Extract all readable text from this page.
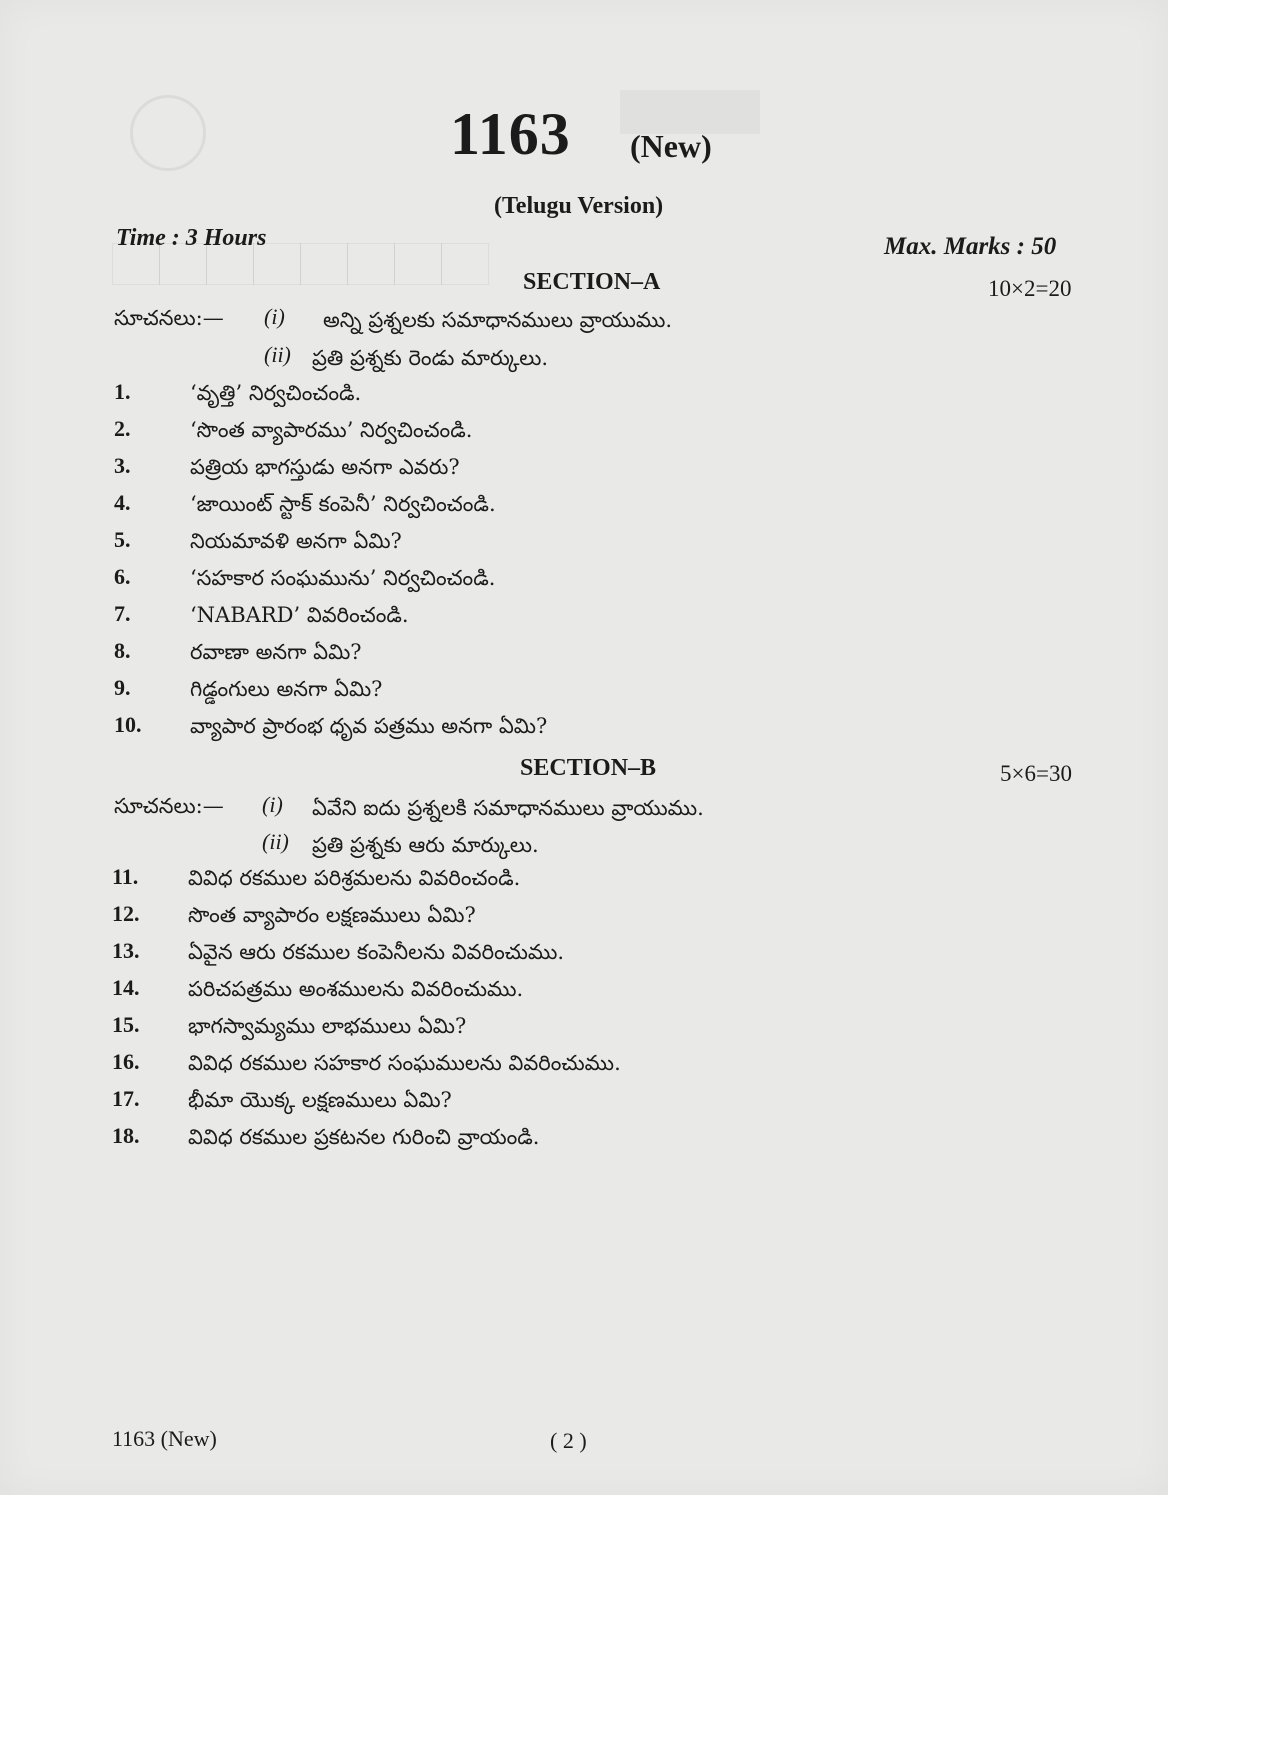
1163 (New)
(Telugu Version)
Time : 3 Hours	Max. Marks : 50
SECTION–A	10×2=20
సూచనలు:— (i) అన్ని ప్రశ్నలకు సమాధానములు వ్రాయుము.
(ii) ప్రతి ప్రశ్నకు రెండు మార్కులు.
1.	‘వృత్తి’ నిర్వచించండి.
2.	‘సొంత వ్యాపారము’ నిర్వచించండి.
3.	పత్రియ భాగస్తుడు అనగా ఎవరు?
4.	‘జాయింట్ స్టాక్ కంపెనీ’ నిర్వచించండి.
5.	నియమావళి అనగా ఏమి?
6.	‘సహకార సంఘమును’ నిర్వచించండి.
7.	‘NABARD’ వివరించండి.
8.	రవాణా అనగా ఏమి?
9.	గిడ్డంగులు అనగా ఏమి?
10.	వ్యాపార ప్రారంభ ధృవ పత్రము అనగా ఏమి?
SECTION–B	5×6=30
సూచనలు:— (i) ఏవేని ఐదు ప్రశ్నలకి సమాధానములు వ్రాయుము.
(ii) ప్రతి ప్రశ్నకు ఆరు మార్కులు.
11.	వివిధ రకముల పరిశ్రమలను వివరించండి.
12.	సొంత వ్యాపారం లక్షణములు ఏమి?
13.	ఏవైన ఆరు రకముల కంపెనీలను వివరించుము.
14.	పరిచపత్రము అంశములను వివరించుము.
15.	భాగస్వామ్యము లాభములు ఏమి?
16.	వివిధ రకముల సహకార సంఘములను వివరించుము.
17.	భీమా యొక్క లక్షణములు ఏమి?
18.	వివిధ రకముల ప్రకటనల గురించి వ్రాయండి.
1163 (New)	( 2 )
